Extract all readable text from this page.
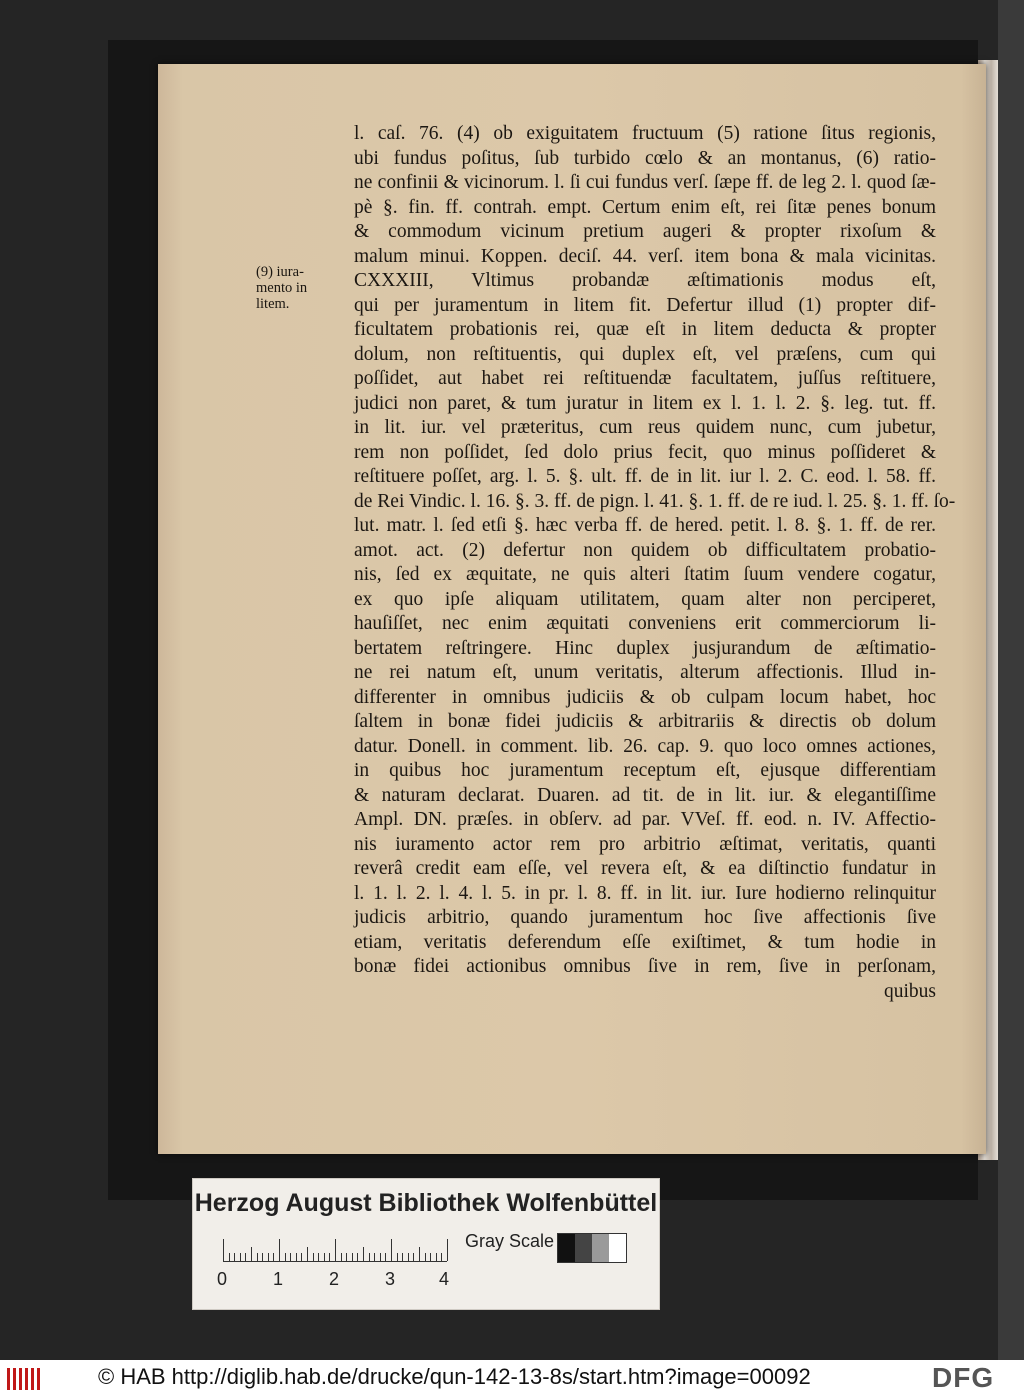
(9) iura-
mento in
litem.
l. caſ. 76. (4) ob exiguitatem fructuum (5) ratione ſitus regionis,
ubi fundus poſitus, ſub turbido cœlo & an montanus, (6) ratio-
ne confinii & vicinorum. l. ſi cui fundus verſ. ſæpe ff. de leg 2. l. quod ſæ-
pè §. fin. ff. contrah. empt. Certum enim eſt, rei ſitæ penes bonum
& commodum vicinum pretium augeri & propter rixoſum &
malum minui. Koppen. deciſ. 44. verſ. item bona & mala vicinitas.
CXXXIII, Vltimus probandæ æſtimationis modus eſt,
qui per juramentum in litem fit. Defertur illud (1) propter dif-
ficultatem probationis rei, quæ eſt in litem deducta & propter
dolum, non reſtituentis, qui duplex eſt, vel præſens, cum qui
poſſidet, aut habet rei reſtituendæ facultatem, juſſus reſtituere,
judici non paret, & tum juratur in litem ex l. 1. l. 2. §. leg. tut. ff.
in lit. iur. vel præteritus, cum reus quidem nunc, cum jubetur,
rem non poſſidet, ſed dolo prius fecit, quo minus poſſideret &
reſtituere poſſet, arg. l. 5. §. ult. ff. de in lit. iur l. 2. C. eod. l. 58. ff.
de Rei Vindic. l. 16. §. 3. ff. de pign. l. 41. §. 1. ff. de re iud. l. 25. §. 1. ff. ſo-
lut. matr. l. ſed etſi §. hæc verba ff. de hered. petit. l. 8. §. 1. ff. de rer.
amot. act. (2) defertur non quidem ob difficultatem probatio-
nis, ſed ex æquitate, ne quis alteri ſtatim ſuum vendere cogatur,
ex quo ipſe aliquam utilitatem, quam alter non perciperet,
hauſiſſet, nec enim æquitati conveniens erit commerciorum li-
bertatem reſtringere. Hinc duplex jusjurandum de æſtimatio-
ne rei natum eſt, unum veritatis, alterum affectionis. Illud in-
differenter in omnibus judiciis & ob culpam locum habet, hoc
ſaltem in bonæ fidei judiciis & arbitrariis & directis ob dolum
datur. Donell. in comment. lib. 26. cap. 9. quo loco omnes actiones,
in quibus hoc juramentum receptum eſt, ejusque differentiam
& naturam declarat. Duaren. ad tit. de in lit. iur. & elegantiſſime
Ampl. DN. præſes. in obſerv. ad par. VVeſ. ff. eod. n. IV. Affectio-
nis iuramento actor rem pro arbitrio æſtimat, veritatis, quanti
reverâ credit eam eſſe, vel revera eſt, & ea diſtinctio fundatur in
l. 1. l. 2. l. 4. l. 5. in pr. l. 8. ff. in lit. iur. Iure hodierno relinquitur
judicis arbitrio, quando juramentum hoc ſive affectionis ſive
etiam, veritatis deferendum eſſe exiſtimet, & tum hodie in
bonæ fidei actionibus omnibus ſive in rem, ſive in perſonam,
quibus
Herzog August Bibliothek Wolfenbüttel
0	1	2	3 4
Gray Scale
© HAB http://diglib.hab.de/drucke/qun-142-13-8s/start.htm?image=00092	DFG
